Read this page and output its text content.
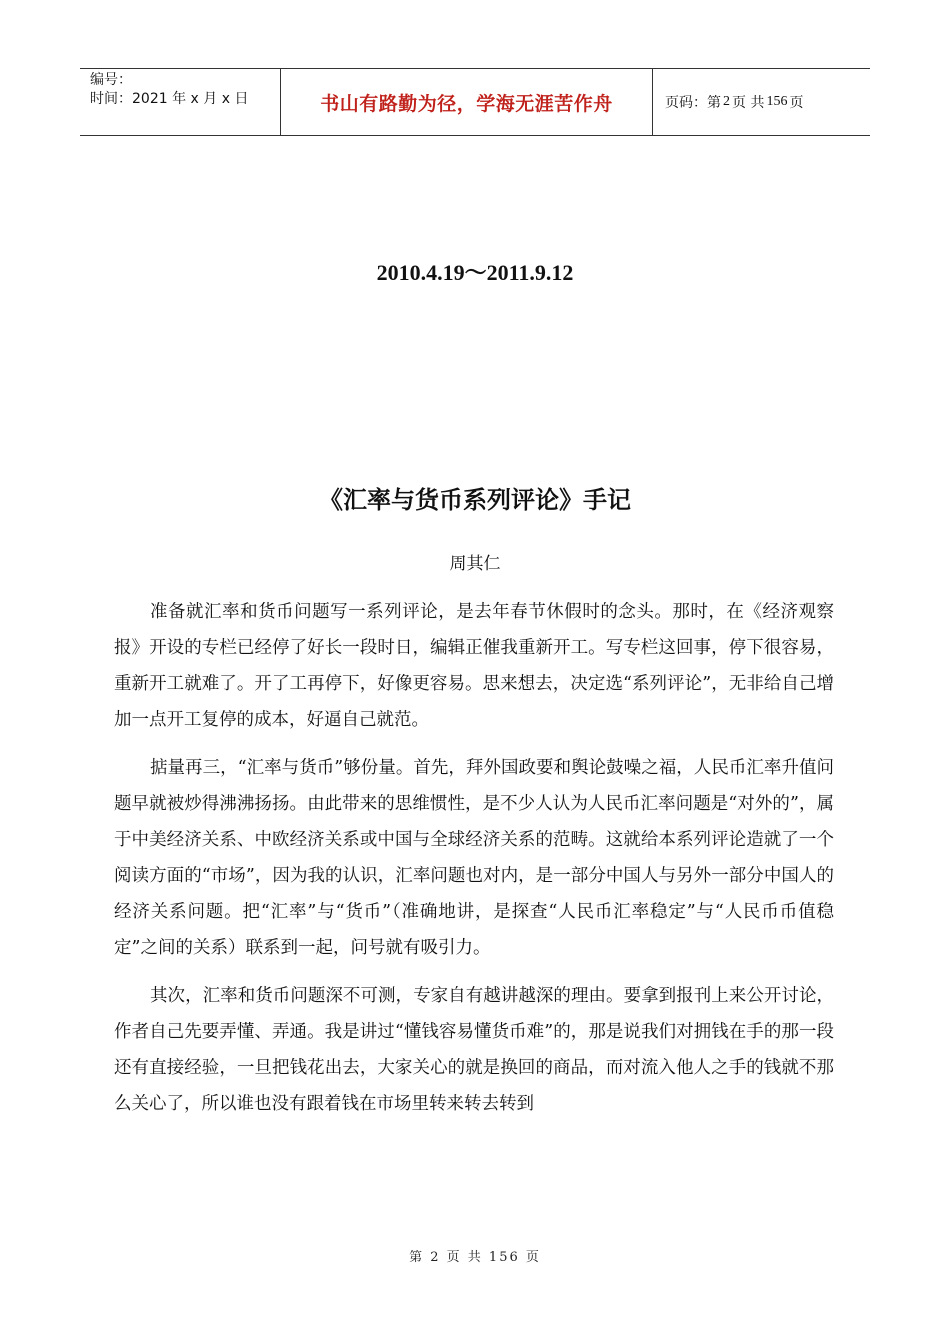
编号：
时间：2021 年 x 月 x 日	书山有路勤为径，学海无涯苦作舟	页码：第 2 页 共 156 页
2010.4.19～2011.9.12
《汇率与货币系列评论》手记
周其仁

准备就汇率和货币问题写一系列评论，是去年春节休假时的念头。那时，在《经济观察报》开设的专栏已经停了好长一段时日，编辑正催我重新开工。写专栏这回事，停下很容易，重新开工就难了。开了工再停下，好像更容易。思来想去，决定选“系列评论”，无非给自己增加一点开工复停的成本，好逼自己就范。

掂量再三，“汇率与货币”够份量。首先，拜外国政要和舆论鼓噪之福，人民币汇率升值问题早就被炒得沸沸扬扬。由此带来的思维惯性，是不少人认为人民币汇率问题是“对外的”，属于中美经济关系、中欧经济关系或中国与全球经济关系的范畴。这就给本系列评论造就了一个阅读方面的“市场”，因为我的认识，汇率问题也对内，是一部分中国人与另外一部分中国人的经济关系问题。把“汇率”与“货币”（准确地讲，是探查“人民币汇率稳定”与“人民币币值稳定”之间的关系）联系到一起，问号就有吸引力。

其次，汇率和货币问题深不可测，专家自有越讲越深的理由。要拿到报刊上来公开讨论，作者自己先要弄懂、弄通。我是讲过“懂钱容易懂货币难”的，那是说我们对拥钱在手的那一段还有直接经验，一旦把钱花出去，大家关心的就是换回的商品，而对流入他人之手的钱就不那么关心了，所以谁也没有跟着钱在市场里转来转去转到

第 2 页 共 156 页
